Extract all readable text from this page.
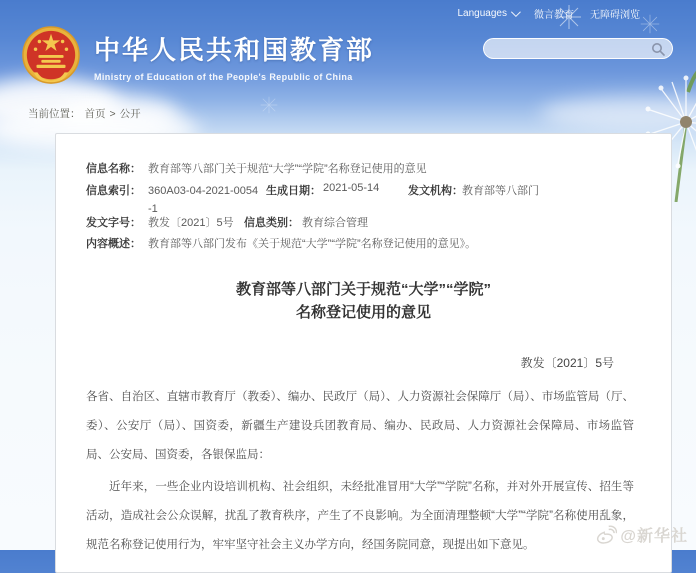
Languages	微言教育 无障碍浏览
中华人民共和国教育部
Ministry of Education of the People's Republic of China
当前位置： 首页 > 公开
信息名称： 教育部等八部门关于规范“大学”“学院”名称登记使用的意见
信息索引： 360A03-04-2021-0054-1
生成日期： 2021-05-14	发文机构： 教育部等八部门
发文字号： 教发〔2021〕5号 信息类别： 教育综合管理
内容概述： 教育部等八部门发布《关于规范“大学”“学院”名称登记使用的意见》。
教育部等八部门关于规范“大学”“学院”
名称登记使用的意见
教发〔2021〕5号

各省、自治区、直辖市教育厅（教委）、编办、民政厅（局）、人力资源社会保障厅（局）、市场监管局（厅、委）、公安厅（局）、国资委，新疆生产建设兵团教育局、编办、民政局、人力资源社会保障局、市场监管局、公安局、国资委，各银保监局：

近年来，一些企业内设培训机构、社会组织，未经批准冒用“大学”“学院”名称，并对外开展宣传、招生等活动，造成社会公众误解，扰乱了教育秩序，产生了不良影响。为全面清理整顿“大学”“学院”名称使用乱象，规范名称登记使用行为，牢牢坚守社会主义办学方向，经国务院同意，现提出如下意见。	@新华社
